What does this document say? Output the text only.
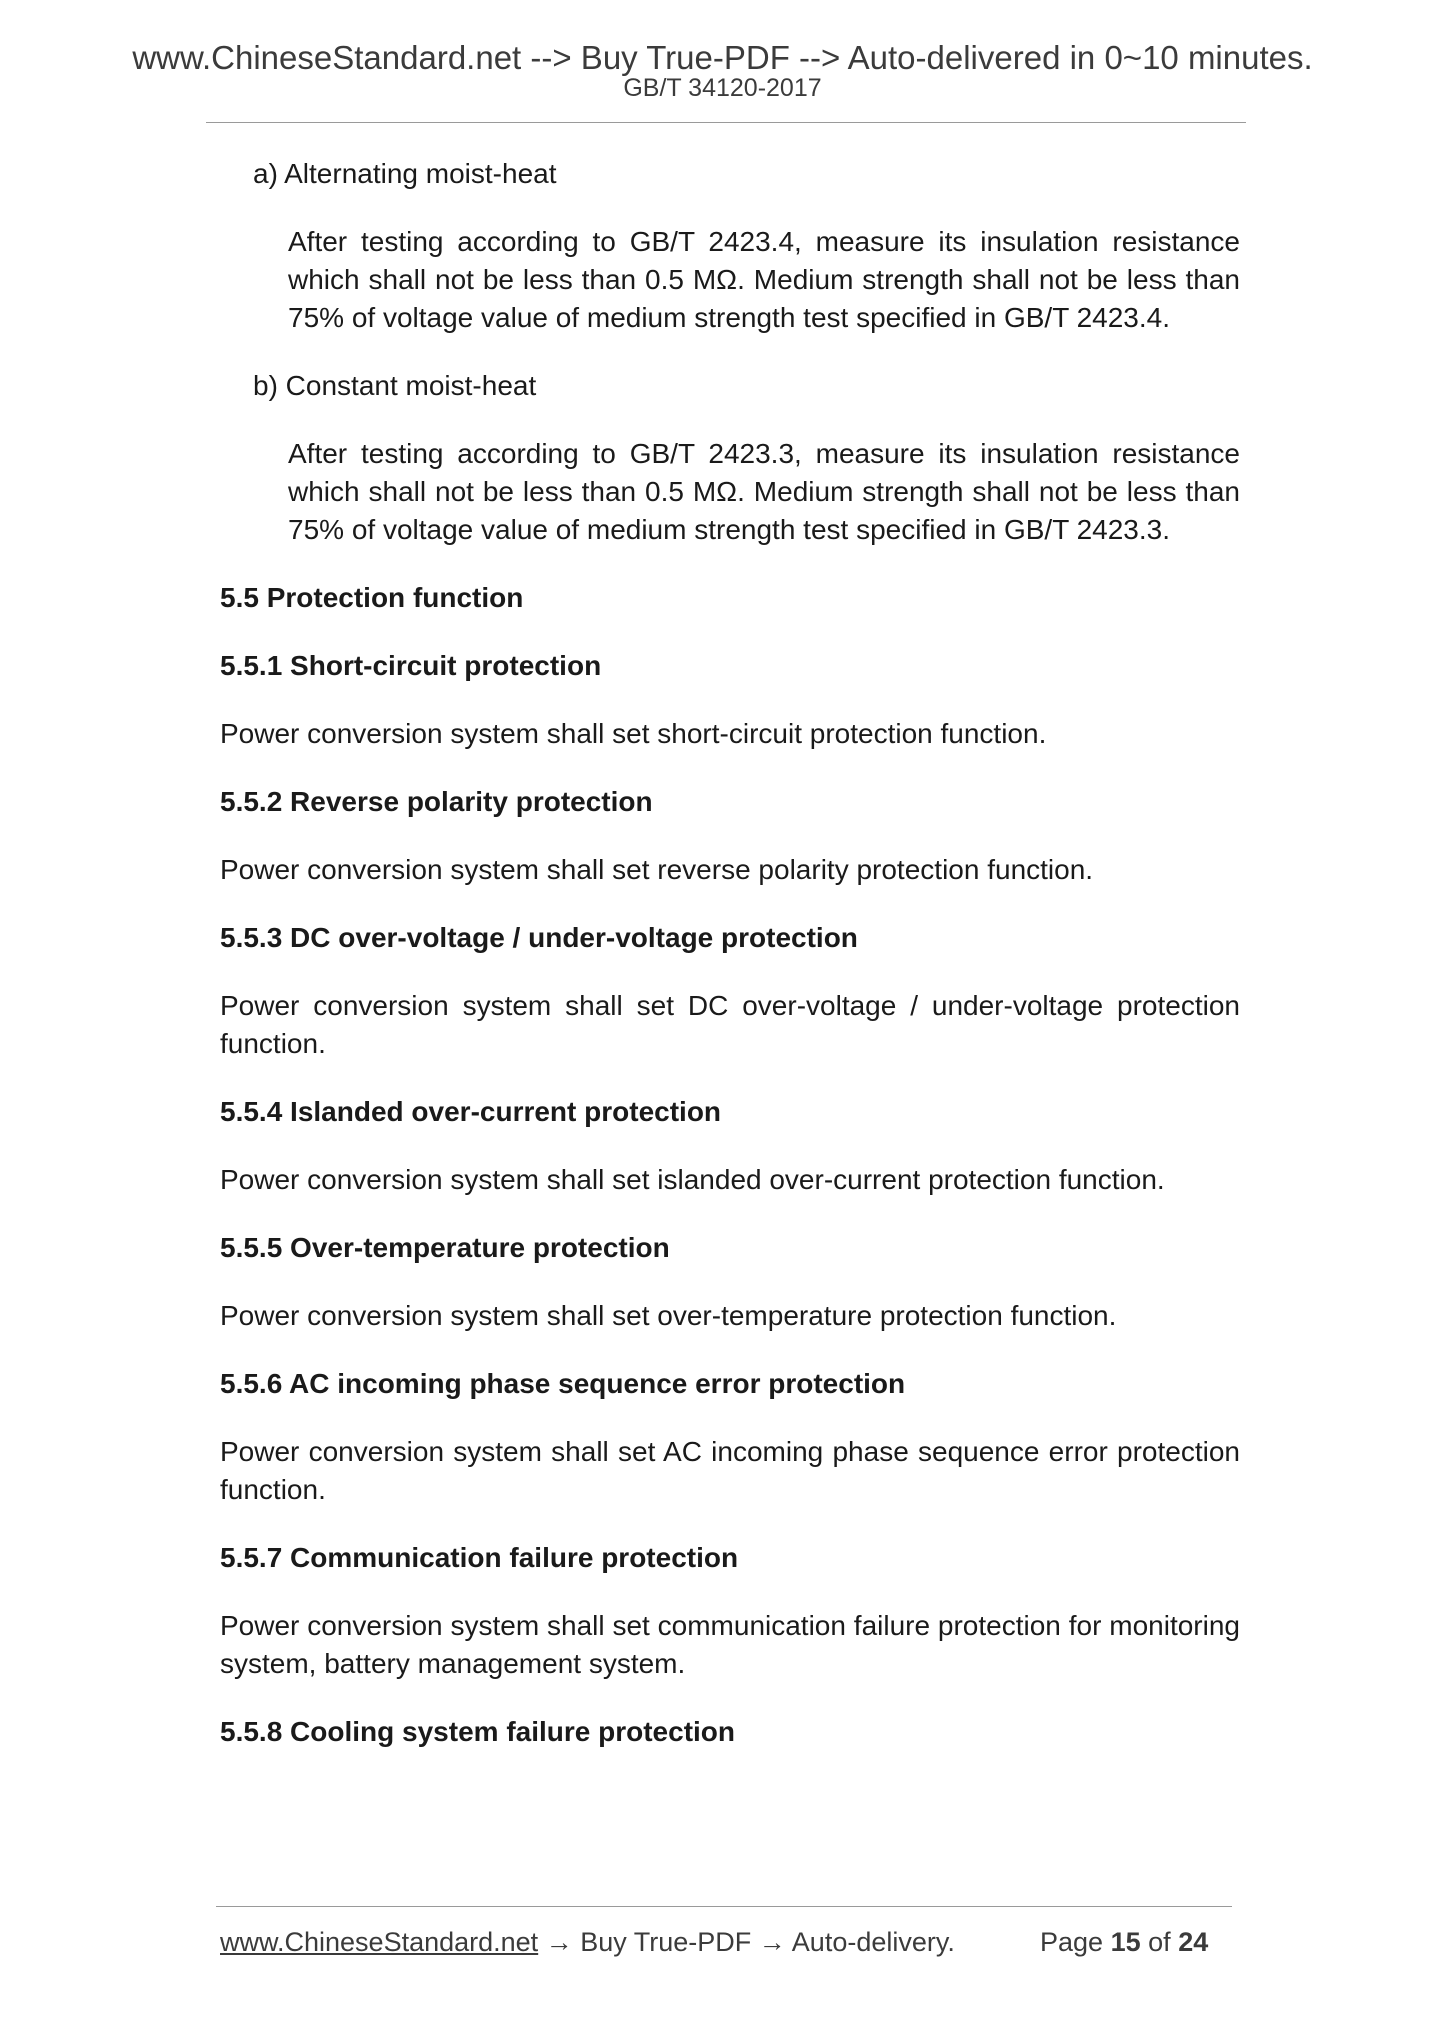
www.ChineseStandard.net --> Buy True-PDF --> Auto-delivered in 0~10 minutes.
GB/T 34120-2017

a) Alternating moist-heat

After testing according to GB/T 2423.4, measure its insulation resistance which shall not be less than 0.5 MΩ. Medium strength shall not be less than 75% of voltage value of medium strength test specified in GB/T 2423.4.

b) Constant moist-heat

After testing according to GB/T 2423.3, measure its insulation resistance which shall not be less than 0.5 MΩ. Medium strength shall not be less than 75% of voltage value of medium strength test specified in GB/T 2423.3.

5.5 Protection function

5.5.1 Short-circuit protection

Power conversion system shall set short-circuit protection function.

5.5.2 Reverse polarity protection

Power conversion system shall set reverse polarity protection function.

5.5.3 DC over-voltage / under-voltage protection

Power conversion system shall set DC over-voltage / under-voltage protection function.

5.5.4 Islanded over-current protection

Power conversion system shall set islanded over-current protection function.

5.5.5 Over-temperature protection

Power conversion system shall set over-temperature protection function.

5.5.6 AC incoming phase sequence error protection

Power conversion system shall set AC incoming phase sequence error protection function.

5.5.7 Communication failure protection

Power conversion system shall set communication failure protection for monitoring system, battery management system.

5.5.8 Cooling system failure protection

www.ChineseStandard.net → Buy True-PDF → Auto-delivery.	Page 15 of 24
